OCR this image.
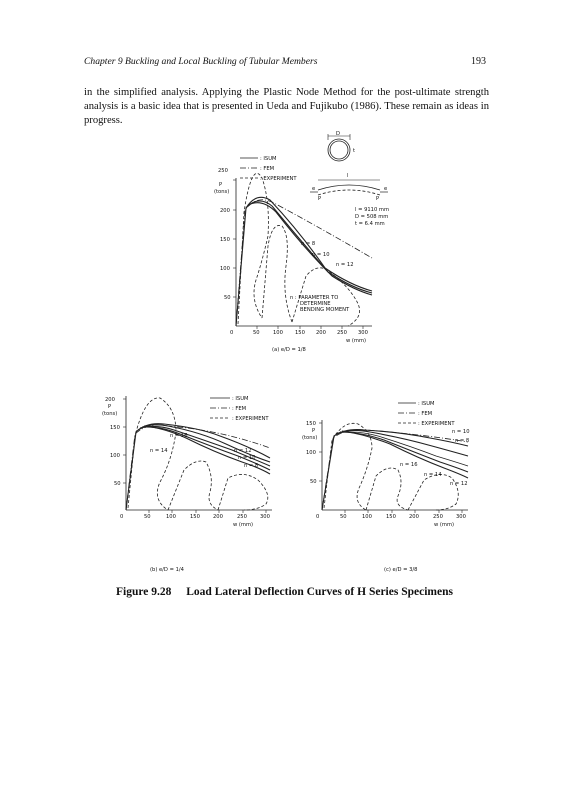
Chapter 9 Buckling and Local Buckling of Tubular Members	193

in the simplified analysis. Applying the Plastic Node Method for the post-ultimate strength analysis is a basic idea that is presented in Ueda and Fujikubo (1986). These remain as ideas in progress.

: ISUM
: FEM
: EXPERIMENT
P
(tons)
250
200
150
100
50
0	50	100 150 200 250 300
w (mm)
n = 8
n = 10
n = 12
n : PARAMETER TO
DETERMINE
BENDING MOMENT
D
t
l
P	P
e	e
l = 9110 mm
D = 508 mm
t = 6.4 mm
(a) e/D = 1/8
: ISUM
: FEM
: EXPERIMENT
200
P
(tons)
150
100
50
0	50	100	150	200	250	300
w (mm)
n = 16
n = 14	n = 12
n = 10
n = 8
(b) e/D = 1/4
: ISUM
: FEM
: EXPERIMENT
150
P
(tons)
100
50
0	50	100	150	200	250	300
w (mm)
n = 10
n = 8
n = 16
n = 14
n = 12
(c) e/D = 3/8
Figure 9.28 Load Lateral Deflection Curves of H Series Specimens
